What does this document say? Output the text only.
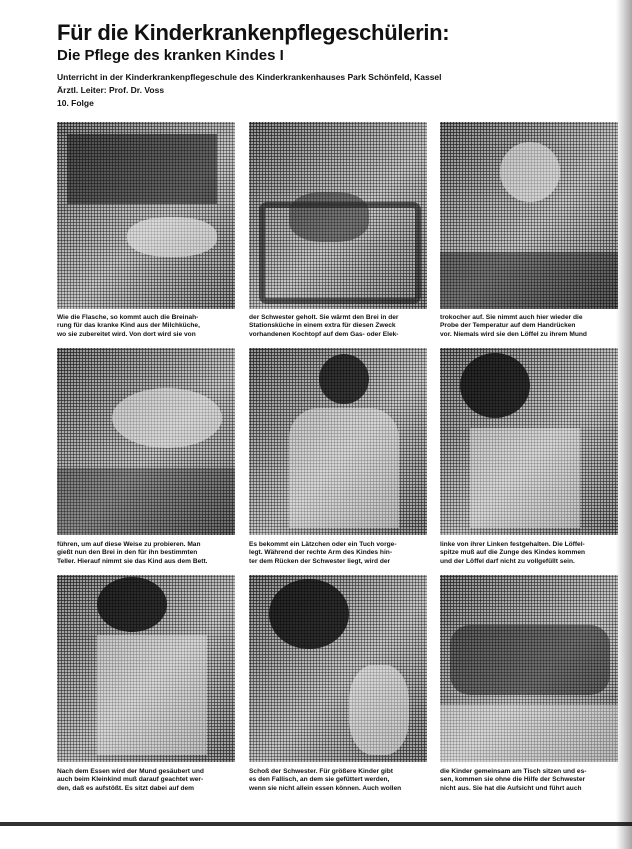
Für die Kinderkrankenpflegeschülerin:
Die Pflege des kranken Kindes I
Unterricht in der Kinderkrankenpflegeschule des Kinderkrankenhauses Park Schönfeld, Kassel
Ärztl. Leiter: Prof. Dr. Voss
10. Folge
Wie die Flasche, so kommt auch die Breinah-
rung für das kranke Kind aus der Milchküche,
wo sie zubereitet wird. Von dort wird sie von
der Schwester geholt. Sie wärmt den Brei in der
Stationsküche in einem extra für diesen Zweck
vorhandenen Kochtopf auf dem Gas- oder Elek-
trokocher auf. Sie nimmt auch hier wieder die
Probe der Temperatur auf dem Handrücken
vor. Niemals wird sie den Löffel zu ihrem Mund
führen, um auf diese Weise zu probieren. Man
gießt nun den Brei in den für ihn bestimmten
Teller. Hierauf nimmt sie das Kind aus dem Bett.
Es bekommt ein Lätzchen oder ein Tuch vorge-
legt. Während der rechte Arm des Kindes hin-
ter dem Rücken der Schwester liegt, wird der
linke von ihrer Linken festgehalten. Die Löffel-
spitze muß auf die Zunge des Kindes kommen
und der Löffel darf nicht zu vollgefüllt sein.
Nach dem Essen wird der Mund gesäubert und
auch beim Kleinkind muß darauf geachtet wer-
den, daß es aufstößt. Es sitzt dabei auf dem
Schoß der Schwester. Für größere Kinder gibt
es den Fallisch, an dem sie gefüttert werden,
wenn sie nicht allein essen können. Auch wollen
die Kinder gemeinsam am Tisch sitzen und es-
sen, kommen sie ohne die Hilfe der Schwester
nicht aus. Sie hat die Aufsicht und führt auch
